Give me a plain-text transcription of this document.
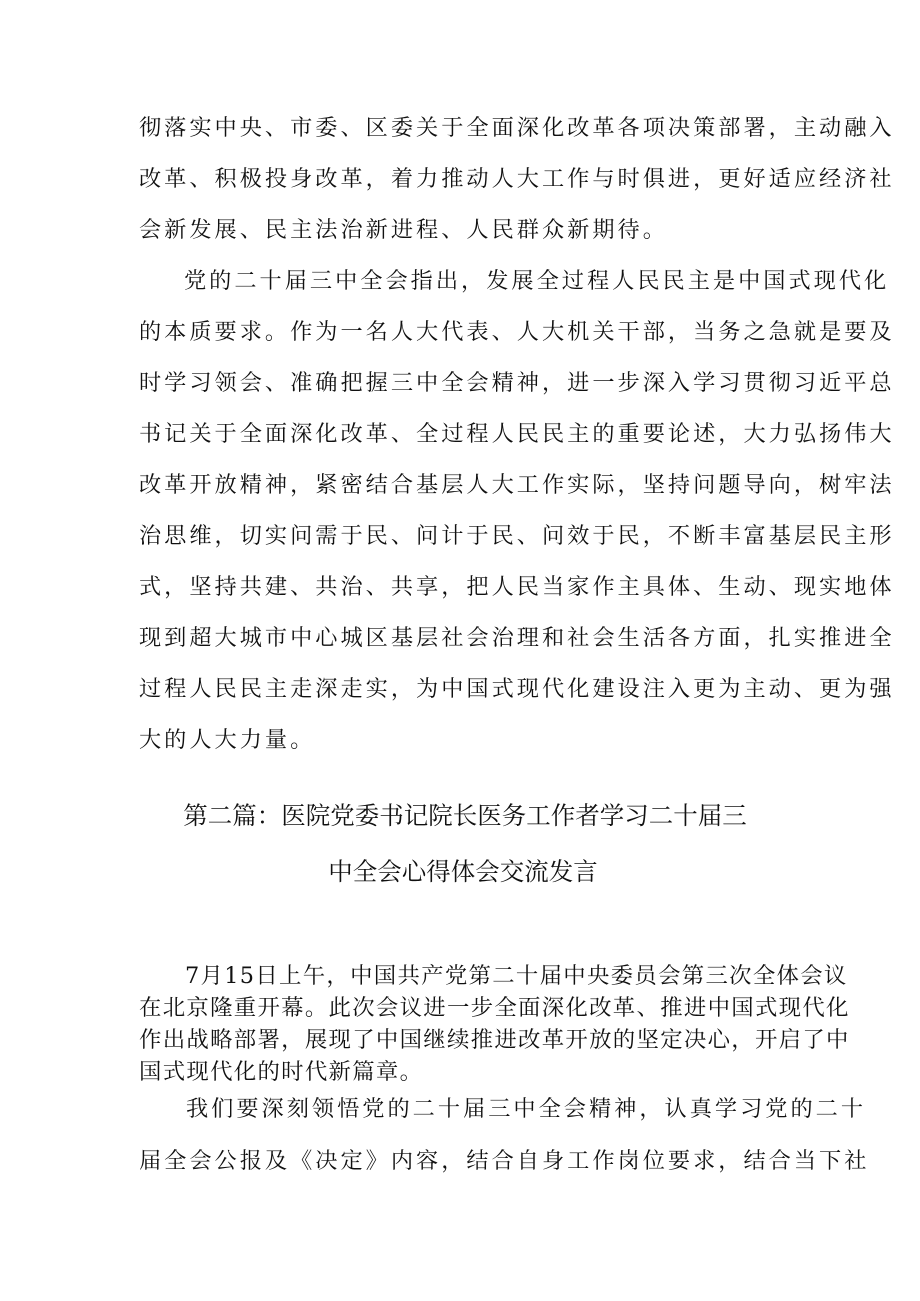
彻落实中央、市委、区委关于全面深化改革各项决策部署，主动融入
改革、积极投身改革，着力推动人大工作与时俱进，更好适应经济社
会新发展、民主法治新进程、人民群众新期待。
党的二十届三中全会指出，发展全过程人民民主是中国式现代化
的本质要求。作为一名人大代表、人大机关干部，当务之急就是要及
时学习领会、准确把握三中全会精神，进一步深入学习贯彻习近平总
书记关于全面深化改革、全过程人民民主的重要论述，大力弘扬伟大
改革开放精神，紧密结合基层人大工作实际，坚持问题导向，树牢法
治思维，切实问需于民、问计于民、问效于民，不断丰富基层民主形
式，坚持共建、共治、共享，把人民当家作主具体、生动、现实地体
现到超大城市中心城区基层社会治理和社会生活各方面，扎实推进全
过程人民民主走深走实，为中国式现代化建设注入更为主动、更为强
大的人大力量。
第二篇：医院党委书记院长医务工作者学习二十届三
中全会心得体会交流发言
7月15日上午，中国共产党第二十届中央委员会第三次全体会议
在北京隆重开幕。此次会议进一步全面深化改革、推进中国式现代化
作出战略部署，展现了中国继续推进改革开放的坚定决心，开启了中
国式现代化的时代新篇章。
我们要深刻领悟党的二十届三中全会精神，认真学习党的二十
届全会公报及《决定》内容，结合自身工作岗位要求，结合当下社
